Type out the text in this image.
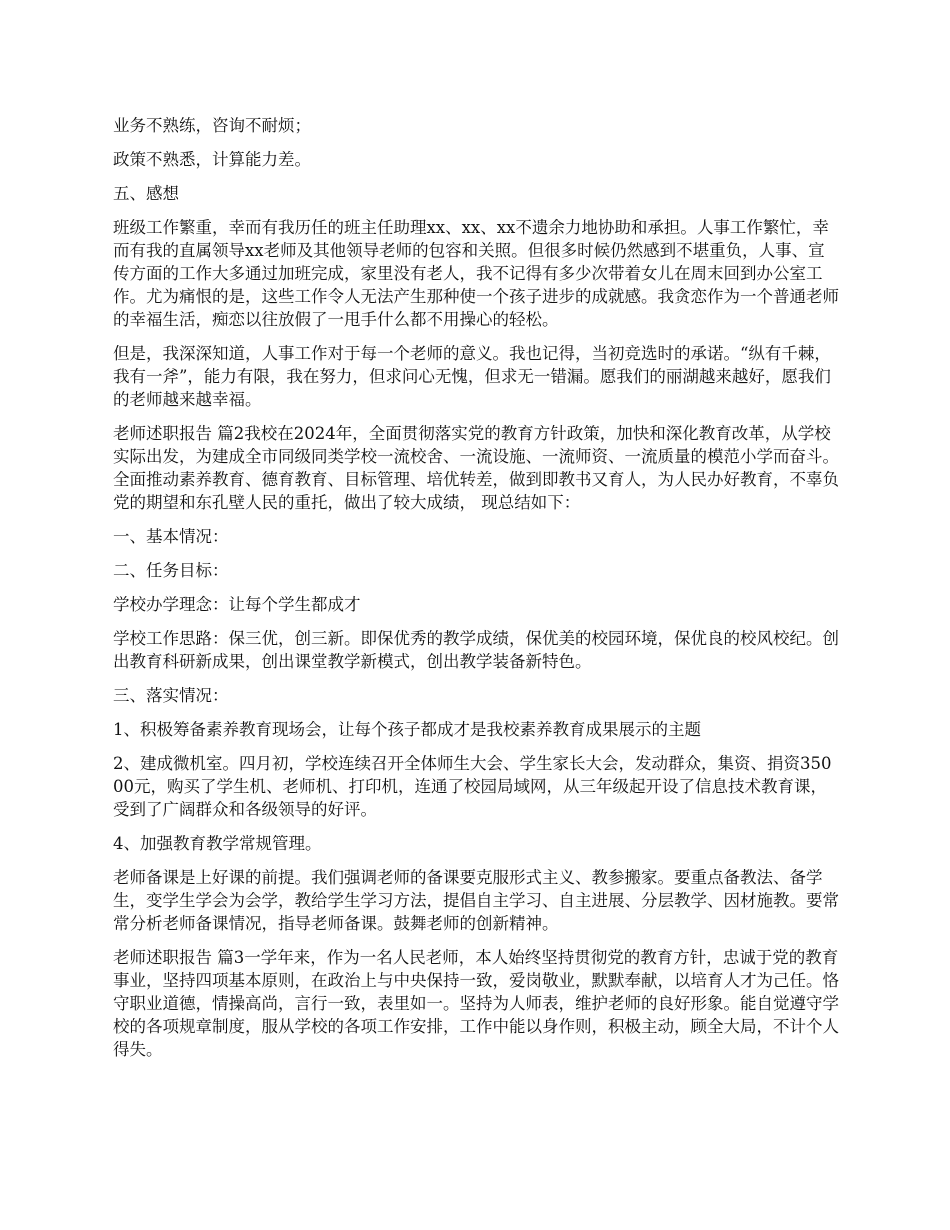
业务不熟练，咨询不耐烦；

政策不熟悉，计算能力差。

五、感想

班级工作繁重，幸而有我历任的班主任助理xx、xx、xx不遗余力地协助和承担。人事工作繁忙，幸而有我的直属领导xx老师及其他领导老师的包容和关照。但很多时候仍然感到不堪重负，人事、宣传方面的工作大多通过加班完成，家里没有老人，我不记得有多少次带着女儿在周末回到办公室工作。尤为痛恨的是，这些工作令人无法产生那种使一个孩子进步的成就感。我贪恋作为一个普通老师的幸福生活，痴恋以往放假了一甩手什么都不用操心的轻松。

但是，我深深知道，人事工作对于每一个老师的意义。我也记得，当初竞选时的承诺。“纵有千棘，我有一斧”，能力有限，我在努力，但求问心无愧，但求无一错漏。愿我们的丽湖越来越好，愿我们的老师越来越幸福。

老师述职报告 篇2我校在2024年，全面贯彻落实党的教育方针政策，加快和深化教育改革，从学校实际出发，为建成全市同级同类学校一流校舍、一流设施、一流师资、一流质量的模范小学而奋斗。全面推动素养教育、德育教育、目标管理、培优转差，做到即教书又育人，为人民办好教育，不辜负党的期望和东孔壁人民的重托，做出了较大成绩， 现总结如下：

一、基本情况：

二、任务目标：

学校办学理念：让每个学生都成才

学校工作思路：保三优，创三新。即保优秀的教学成绩，保优美的校园环境，保优良的校风校纪。创出教育科研新成果，创出课堂教学新模式，创出教学装备新特色。

三、落实情况：

1、积极筹备素养教育现场会，让每个孩子都成才是我校素养教育成果展示的主题

2、建成微机室。四月初，学校连续召开全体师生大会、学生家长大会，发动群众，集资、捐资35000元，购买了学生机、老师机、打印机，连通了校园局域网，从三年级起开设了信息技术教育课，受到了广阔群众和各级领导的好评。

4、加强教育教学常规管理。

老师备课是上好课的前提。我们强调老师的备课要克服形式主义、教参搬家。要重点备教法、备学生，变学生学会为会学，教给学生学习方法，提倡自主学习、自主进展、分层教学、因材施教。要常常分析老师备课情况，指导老师备课。鼓舞老师的创新精神。

老师述职报告 篇3一学年来，作为一名人民老师，本人始终坚持贯彻党的教育方针，忠诚于党的教育事业，坚持四项基本原则，在政治上与中央保持一致，爱岗敬业，默默奉献，以培育人才为己任。恪守职业道德，情操高尚，言行一致，表里如一。坚持为人师表，维护老师的良好形象。能自觉遵守学校的各项规章制度，服从学校的各项工作安排，工作中能以身作则，积极主动，顾全大局，不计个人得失。
